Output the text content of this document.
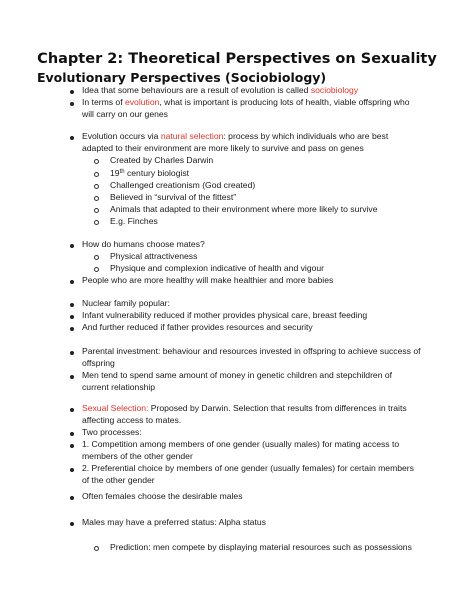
Chapter 2: Theoretical Perspectives on Sexuality
Evolutionary Perspectives (Sociobiology)
Idea that some behaviours are a result of evolution is called sociobiology
In terms of evolution, what is important is producing lots of health, viable offspring who
will carry on our genes
Evolution occurs via natural selection: process by which individuals who are best
adapted to their environment are more likely to survive and pass on genes
Created by Charles Darwin
19th century biologist
Challenged creationism (God created)
Believed in “survival of the fittest”
Animals that adapted to their environment where more likely to survive
E.g. Finches
How do humans choose mates?
Physical attractiveness
Physique and complexion indicative of health and vigour
People who are more healthy will make healthier and more babies
Nuclear family popular:
Infant vulnerability reduced if mother provides physical care, breast feeding
And further reduced if father provides resources and security
Parental investment: behaviour and resources invested in offspring to achieve success of
offspring
Men tend to spend same amount of money in genetic children and stepchildren of
current relationship
Sexual Selection: Proposed by Darwin. Selection that results from differences in traits
affecting access to mates.
Two processes:
1. Competition among members of one gender (usually males) for mating access to
members of the other gender
2. Preferential choice by members of one gender (usually females) for certain members
of the other gender
Often females choose the desirable males
Males may have a preferred status: Alpha status
Prediction: men compete by displaying material resources such as possessions
